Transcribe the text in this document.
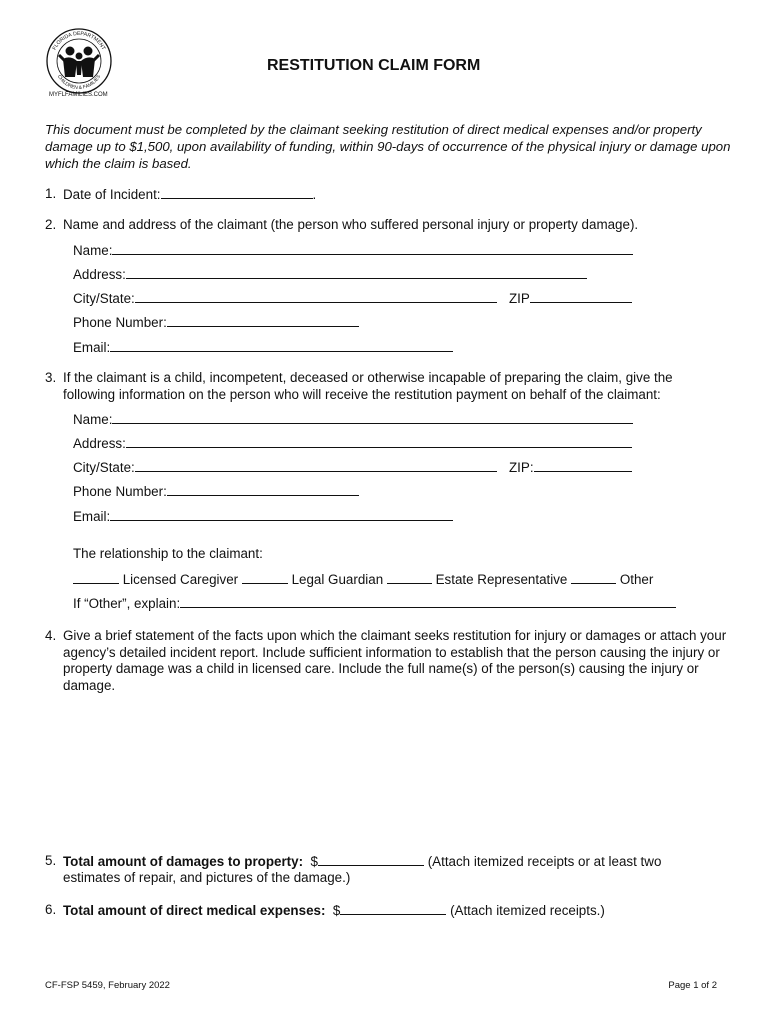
FLORIDA DEPARTMENT
CHILDREN & FAMILIES
MYFLFAMILIES.COM
RESTITUTION CLAIM FORM
This document must be completed by the claimant seeking restitution of direct medical expenses and/or property damage up to $1,500, upon availability of funding, within 90-days of occurrence of the physical injury or damage upon which the claim is based.
1. Date of Incident:	.
2. Name and address of the claimant (the person who suffered personal injury or property damage).
Name:
Address:
City/State:	ZIP
Phone Number:
Email:
3. If the claimant is a child, incompetent, deceased or otherwise incapable of preparing the claim, give the following information on the person who will receive the restitution payment on behalf of the claimant:
Name:
Address:
City/State:	ZIP:
Phone Number:
Email:
The relationship to the claimant:
Licensed Caregiver	Legal Guardian	Estate Representative	Other
If “Other”, explain:
4. Give a brief statement of the facts upon which the claimant seeks restitution for injury or damages or attach your agency’s detailed incident report. Include sufficient information to establish that the person causing the injury or property damage was a child in licensed care. Include the full name(s) of the person(s) causing the injury or damage.
5. Total amount of damages to property: $	(Attach itemized receipts or at least two
estimates of repair, and pictures of the damage.)
6. Total amount of direct medical expenses: $	(Attach itemized receipts.)
CF-FSP 5459, February 2022	Page 1 of 2
